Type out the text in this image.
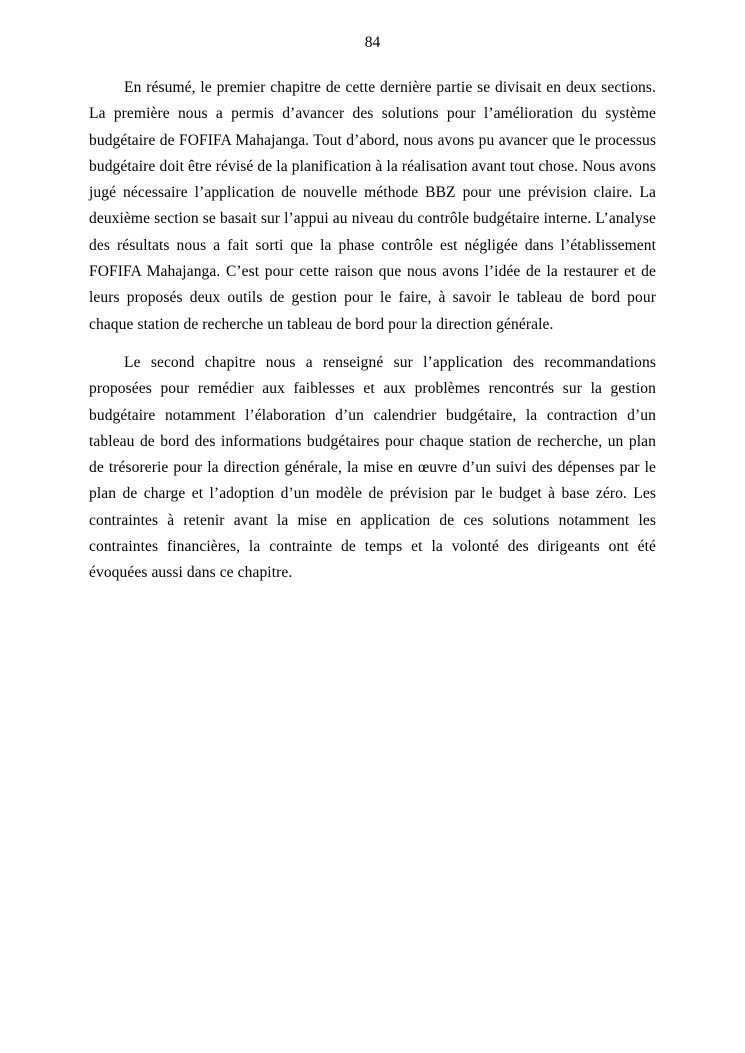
84

En résumé, le premier chapitre de cette dernière partie se divisait en deux sections. La première nous a permis d’avancer des solutions pour l’amélioration du système budgétaire de FOFIFA Mahajanga. Tout d’abord, nous avons pu avancer que le processus budgétaire doit être révisé de la planification à la réalisation avant tout chose. Nous avons jugé nécessaire l’application de nouvelle méthode BBZ pour une prévision claire. La deuxième section se basait sur l’appui au niveau du contrôle budgétaire interne. L’analyse des résultats nous a fait sorti que la phase contrôle est négligée dans l’établissement FOFIFA Mahajanga. C’est pour cette raison que nous avons l’idée de la restaurer et de leurs proposés deux outils de gestion pour le faire, à savoir le tableau de bord pour chaque station de recherche un tableau de bord pour la direction générale.

Le second chapitre nous a renseigné sur l’application des recommandations proposées pour remédier aux faiblesses et aux problèmes rencontrés sur la gestion budgétaire notamment l’élaboration d’un calendrier budgétaire, la contraction d’un tableau de bord des informations budgétaires pour chaque station de recherche, un plan de trésorerie pour la direction générale, la mise en œuvre d’un suivi des dépenses par le plan de charge et l’adoption d’un modèle de prévision par le budget à base zéro. Les contraintes à retenir avant la mise en application de ces solutions notamment les contraintes financières, la contrainte de temps et la volonté des dirigeants ont été évoquées aussi dans ce chapitre.
